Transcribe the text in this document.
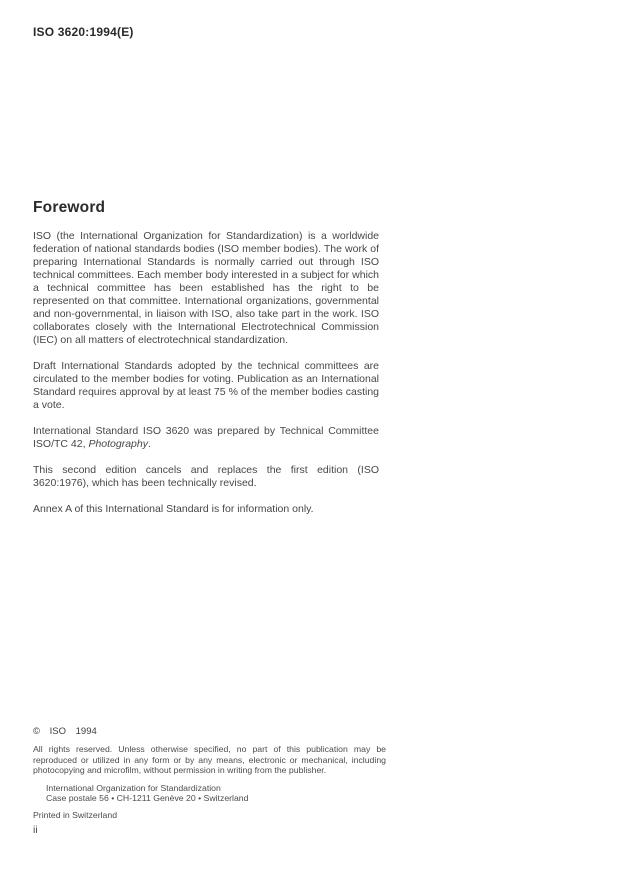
ISO 3620:1994(E)
Foreword

ISO (the International Organization for Standardization) is a worldwide federation of national standards bodies (ISO member bodies). The work of preparing International Standards is normally carried out through ISO technical committees. Each member body interested in a subject for which a technical committee has been established has the right to be represented on that committee. International organizations, governmental and non-governmental, in liaison with ISO, also take part in the work. ISO collaborates closely with the International Electrotechnical Commission (IEC) on all matters of electrotechnical standardization.

Draft International Standards adopted by the technical committees are circulated to the member bodies for voting. Publication as an International Standard requires approval by at least 75 % of the member bodies casting a vote.

International Standard ISO 3620 was prepared by Technical Committee ISO/TC 42, Photography.

This second edition cancels and replaces the first edition (ISO 3620:1976), which has been technically revised.

Annex A of this International Standard is for information only.

© ISO 1994
All rights reserved. Unless otherwise specified, no part of this publication may be reproduced or utilized in any form or by any means, electronic or mechanical, including photocopying and microfilm, without permission in writing from the publisher.
International Organization for Standardization
Case postale 56 • CH-1211 Genève 20 • Switzerland
Printed in Switzerland
ii
